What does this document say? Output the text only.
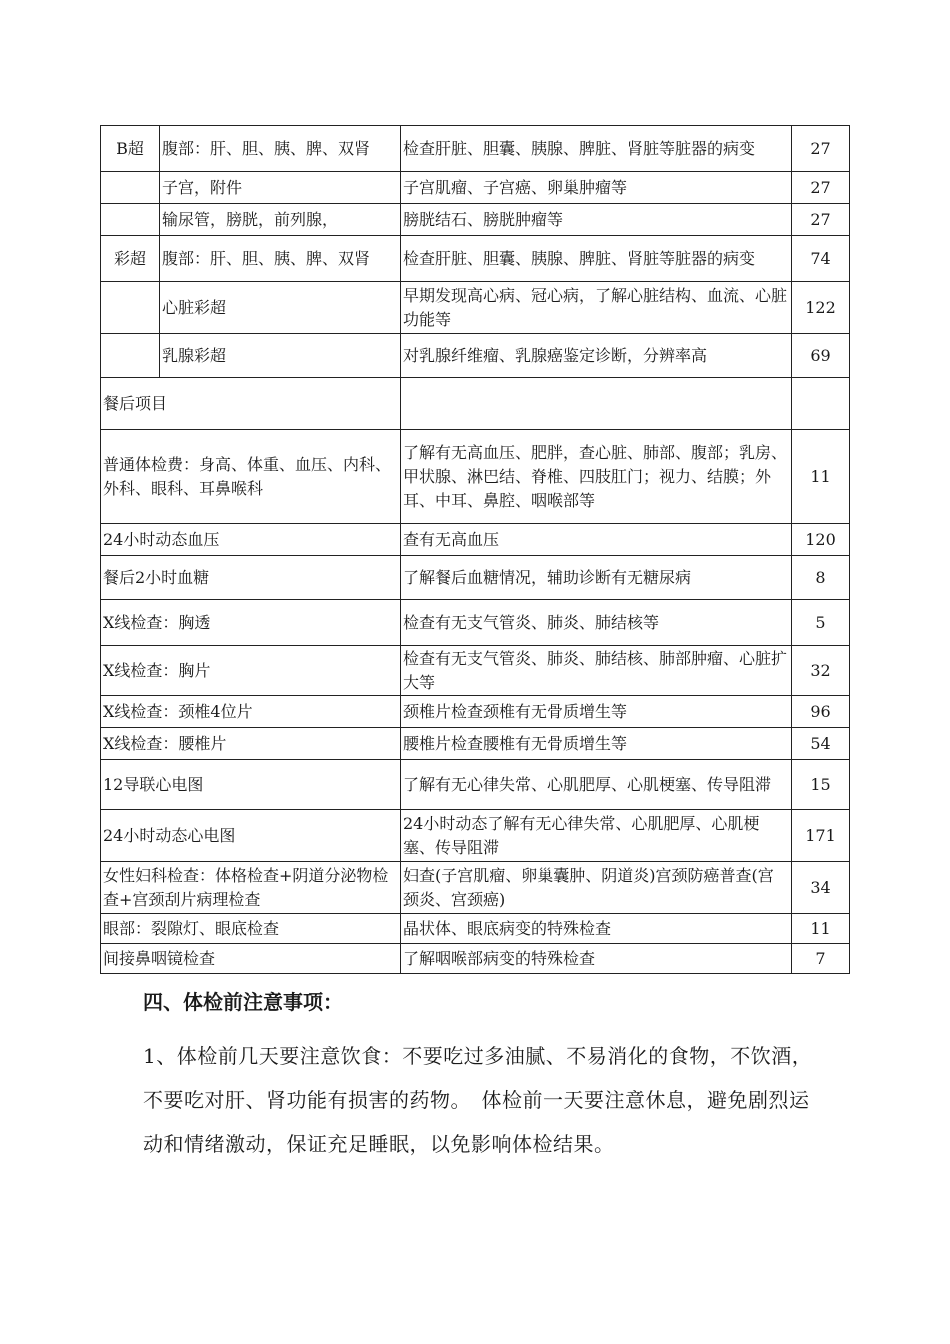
B超	腹部：肝、胆、胰、脾、双肾	检查肝脏、胆囊、胰腺、脾脏、肾脏等脏器的病变	27
	子宫，附件	子宫肌瘤、子宫癌、卵巢肿瘤等	27
	输尿管，膀胱，前列腺，	膀胱结石、膀胱肿瘤等	27
彩超	腹部：肝、胆、胰、脾、双肾	检查肝脏、胆囊、胰腺、脾脏、肾脏等脏器的病变	74
	心脏彩超	早期发现高心病、冠心病，了解心脏结构、血流、心脏功能等	122
	乳腺彩超	对乳腺纤维瘤、乳腺癌鉴定诊断，分辨率高	69
餐后项目			
普通体检费：身高、体重、血压、内科、外科、眼科、耳鼻喉科		了解有无高血压、肥胖，查心脏、肺部、腹部；乳房、甲状腺、淋巴结、脊椎、四肢肛门；视力、结膜；外耳、中耳、鼻腔、咽喉部等	11
24小时动态血压		查有无高血压	120
餐后2小时血糖		了解餐后血糖情况，辅助诊断有无糖尿病	8
X线检查：胸透		检查有无支气管炎、肺炎、肺结核等	5
X线检查：胸片		检查有无支气管炎、肺炎、肺结核、肺部肿瘤、心脏扩大等	32
X线检查：颈椎4位片		颈椎片检查颈椎有无骨质增生等	96
X线检查：腰椎片		腰椎片检查腰椎有无骨质增生等	54
12导联心电图		了解有无心律失常、心肌肥厚、心肌梗塞、传导阻滞	15
24小时动态心电图		24小时动态了解有无心律失常、心肌肥厚、心肌梗塞、传导阻滞	171
女性妇科检查：体格检查+阴道分泌物检查+宫颈刮片病理检查		妇查(子宫肌瘤、卵巢囊肿、阴道炎)宫颈防癌普查(宫颈炎、宫颈癌)	34
眼部：裂隙灯、眼底检查		晶状体、眼底病变的特殊检查	11
间接鼻咽镜检查		了解咽喉部病变的特殊检查	7
四、体检前注意事项：

1、体检前几天要注意饮食：不要吃过多油腻、不易消化的食物，不饮酒，不要吃对肝、肾功能有损害的药物。　体检前一天要注意休息，避免剧烈运动和情绪激动，保证充足睡眠，以免影响体检结果。
